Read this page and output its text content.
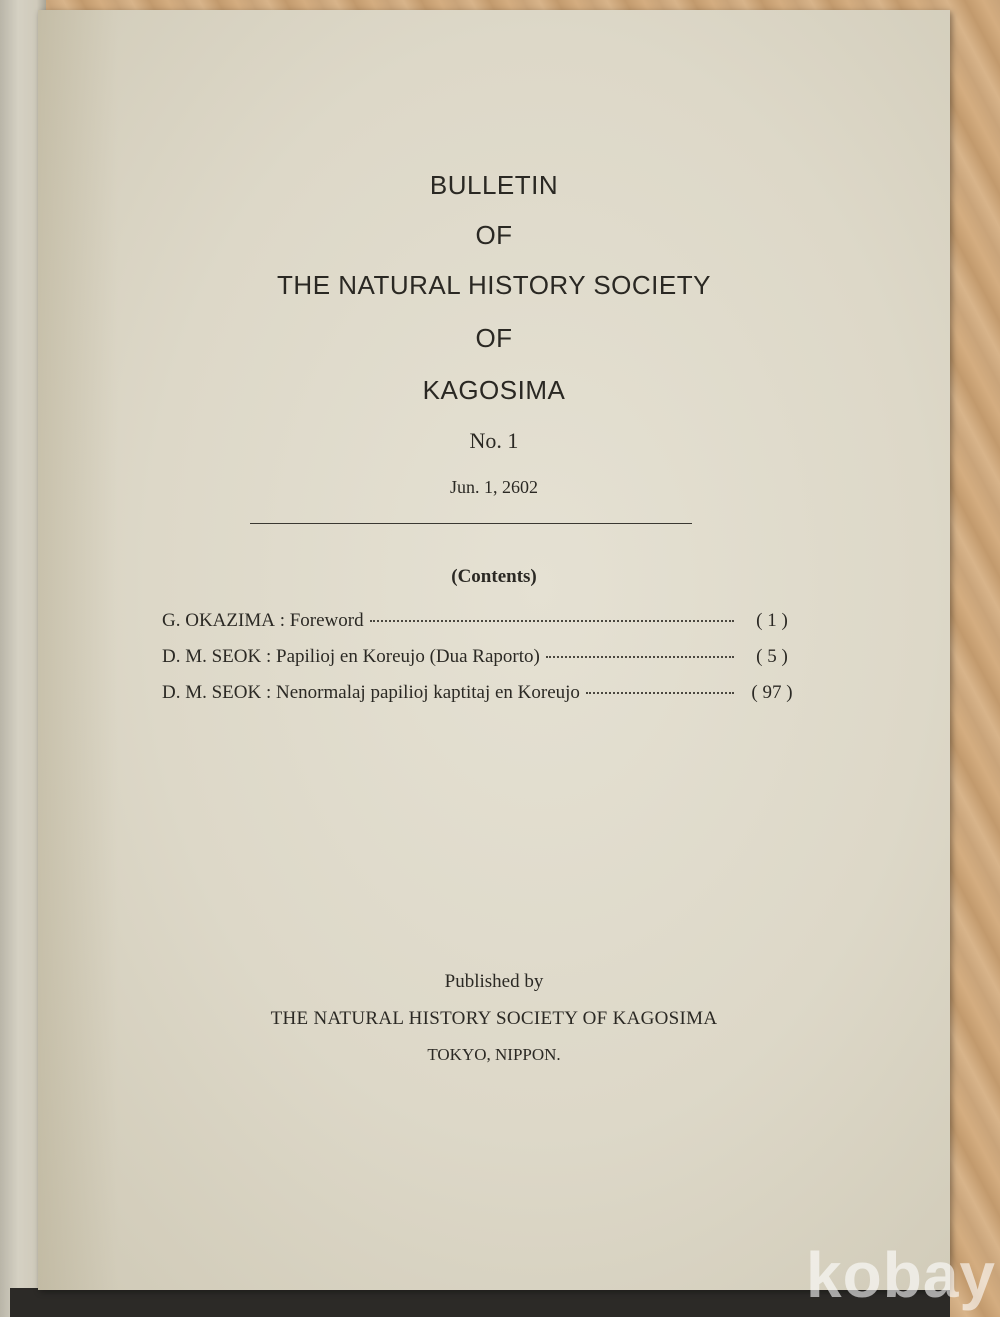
BULLETIN
OF
THE NATURAL HISTORY SOCIETY
OF
KAGOSIMA
No. 1
Jun. 1, 2602
(Contents)
G. OKAZIMA : Foreword	( 1 )
D. M. SEOK : Papilioj en Koreujo (Dua Raporto)	( 5 )
D. M. SEOK : Nenormalaj papilioj kaptitaj en Koreujo	( 97 )
Published by
THE NATURAL HISTORY SOCIETY OF KAGOSIMA
TOKYO, NIPPON.
kobay
